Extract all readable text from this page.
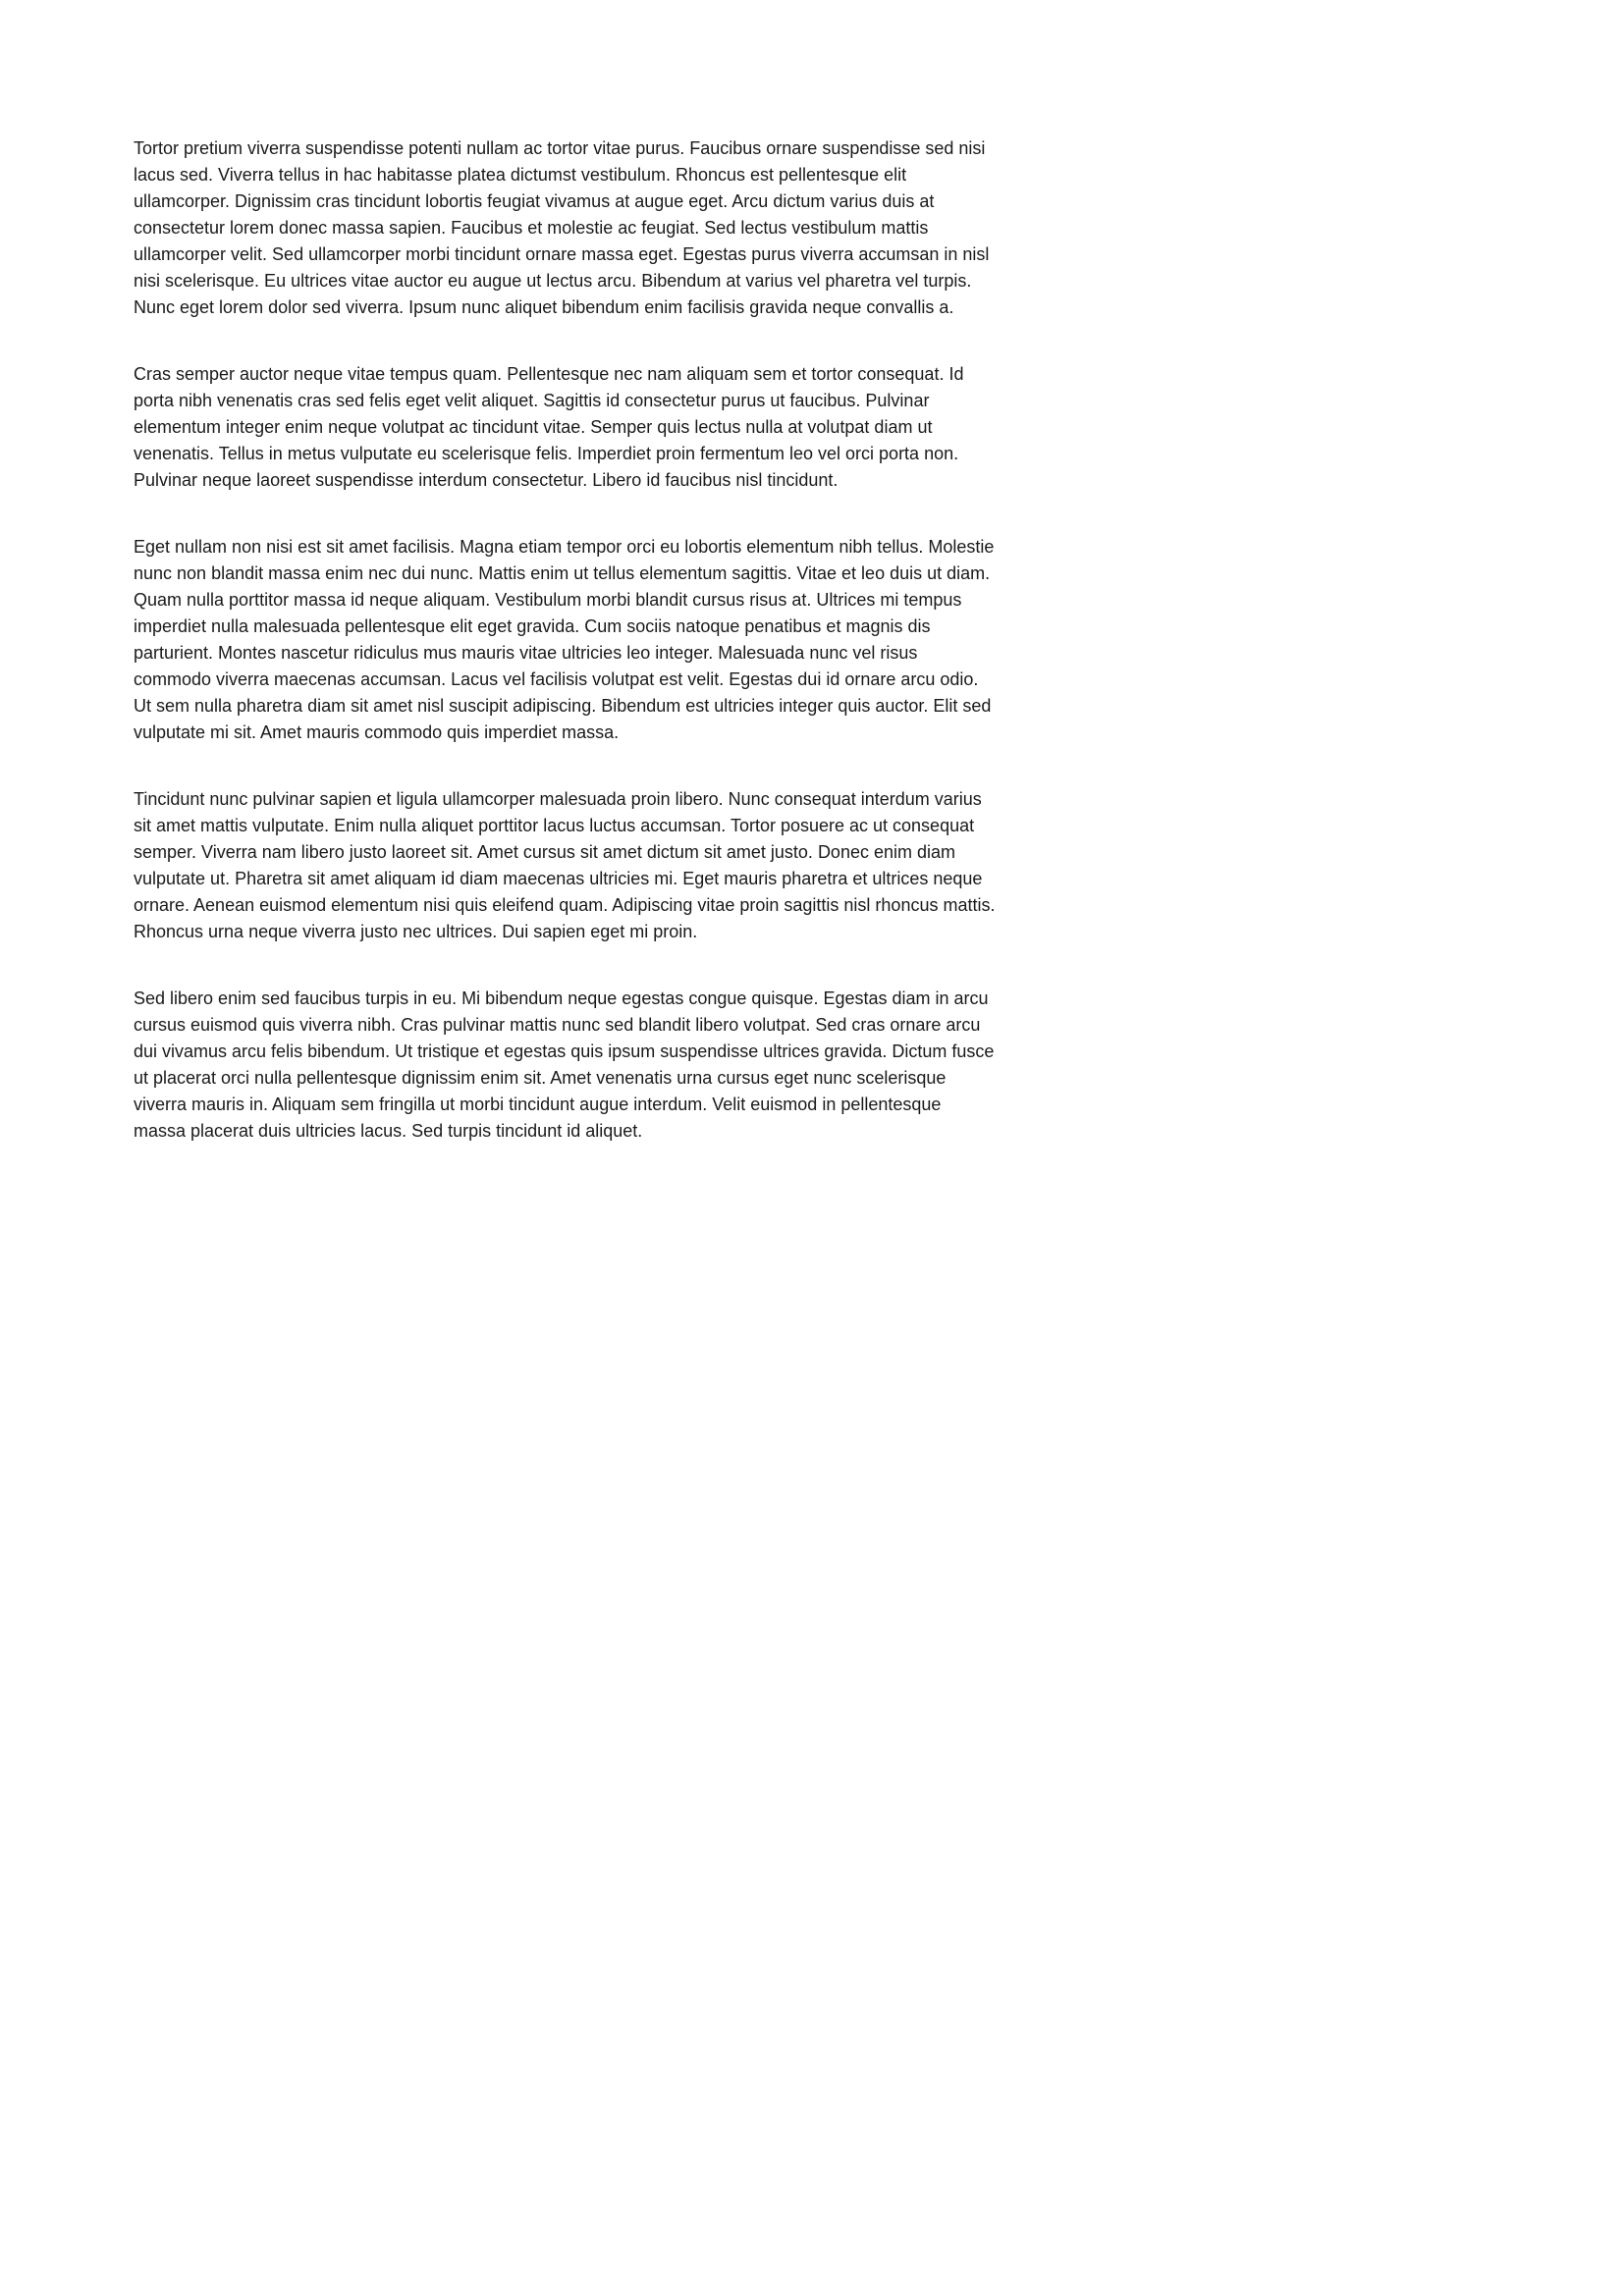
Tortor pretium viverra suspendisse potenti nullam ac tortor vitae purus. Faucibus ornare suspendisse sed nisi lacus sed. Viverra tellus in hac habitasse platea dictumst vestibulum. Rhoncus est pellentesque elit ullamcorper. Dignissim cras tincidunt lobortis feugiat vivamus at augue eget. Arcu dictum varius duis at consectetur lorem donec massa sapien. Faucibus et molestie ac feugiat. Sed lectus vestibulum mattis ullamcorper velit. Sed ullamcorper morbi tincidunt ornare massa eget. Egestas purus viverra accumsan in nisl nisi scelerisque. Eu ultrices vitae auctor eu augue ut lectus arcu. Bibendum at varius vel pharetra vel turpis. Nunc eget lorem dolor sed viverra. Ipsum nunc aliquet bibendum enim facilisis gravida neque convallis a.

Cras semper auctor neque vitae tempus quam. Pellentesque nec nam aliquam sem et tortor consequat. Id porta nibh venenatis cras sed felis eget velit aliquet. Sagittis id consectetur purus ut faucibus. Pulvinar elementum integer enim neque volutpat ac tincidunt vitae. Semper quis lectus nulla at volutpat diam ut venenatis. Tellus in metus vulputate eu scelerisque felis. Imperdiet proin fermentum leo vel orci porta non. Pulvinar neque laoreet suspendisse interdum consectetur. Libero id faucibus nisl tincidunt.

Eget nullam non nisi est sit amet facilisis. Magna etiam tempor orci eu lobortis elementum nibh tellus. Molestie nunc non blandit massa enim nec dui nunc. Mattis enim ut tellus elementum sagittis. Vitae et leo duis ut diam. Quam nulla porttitor massa id neque aliquam. Vestibulum morbi blandit cursus risus at. Ultrices mi tempus imperdiet nulla malesuada pellentesque elit eget gravida. Cum sociis natoque penatibus et magnis dis parturient. Montes nascetur ridiculus mus mauris vitae ultricies leo integer. Malesuada nunc vel risus commodo viverra maecenas accumsan. Lacus vel facilisis volutpat est velit. Egestas dui id ornare arcu odio. Ut sem nulla pharetra diam sit amet nisl suscipit adipiscing. Bibendum est ultricies integer quis auctor. Elit sed vulputate mi sit. Amet mauris commodo quis imperdiet massa.

Tincidunt nunc pulvinar sapien et ligula ullamcorper malesuada proin libero. Nunc consequat interdum varius sit amet mattis vulputate. Enim nulla aliquet porttitor lacus luctus accumsan. Tortor posuere ac ut consequat semper. Viverra nam libero justo laoreet sit. Amet cursus sit amet dictum sit amet justo. Donec enim diam vulputate ut. Pharetra sit amet aliquam id diam maecenas ultricies mi. Eget mauris pharetra et ultrices neque ornare. Aenean euismod elementum nisi quis eleifend quam. Adipiscing vitae proin sagittis nisl rhoncus mattis. Rhoncus urna neque viverra justo nec ultrices. Dui sapien eget mi proin.

Sed libero enim sed faucibus turpis in eu. Mi bibendum neque egestas congue quisque. Egestas diam in arcu cursus euismod quis viverra nibh. Cras pulvinar mattis nunc sed blandit libero volutpat. Sed cras ornare arcu dui vivamus arcu felis bibendum. Ut tristique et egestas quis ipsum suspendisse ultrices gravida. Dictum fusce ut placerat orci nulla pellentesque dignissim enim sit. Amet venenatis urna cursus eget nunc scelerisque viverra mauris in. Aliquam sem fringilla ut morbi tincidunt augue interdum. Velit euismod in pellentesque massa placerat duis ultricies lacus. Sed turpis tincidunt id aliquet.
